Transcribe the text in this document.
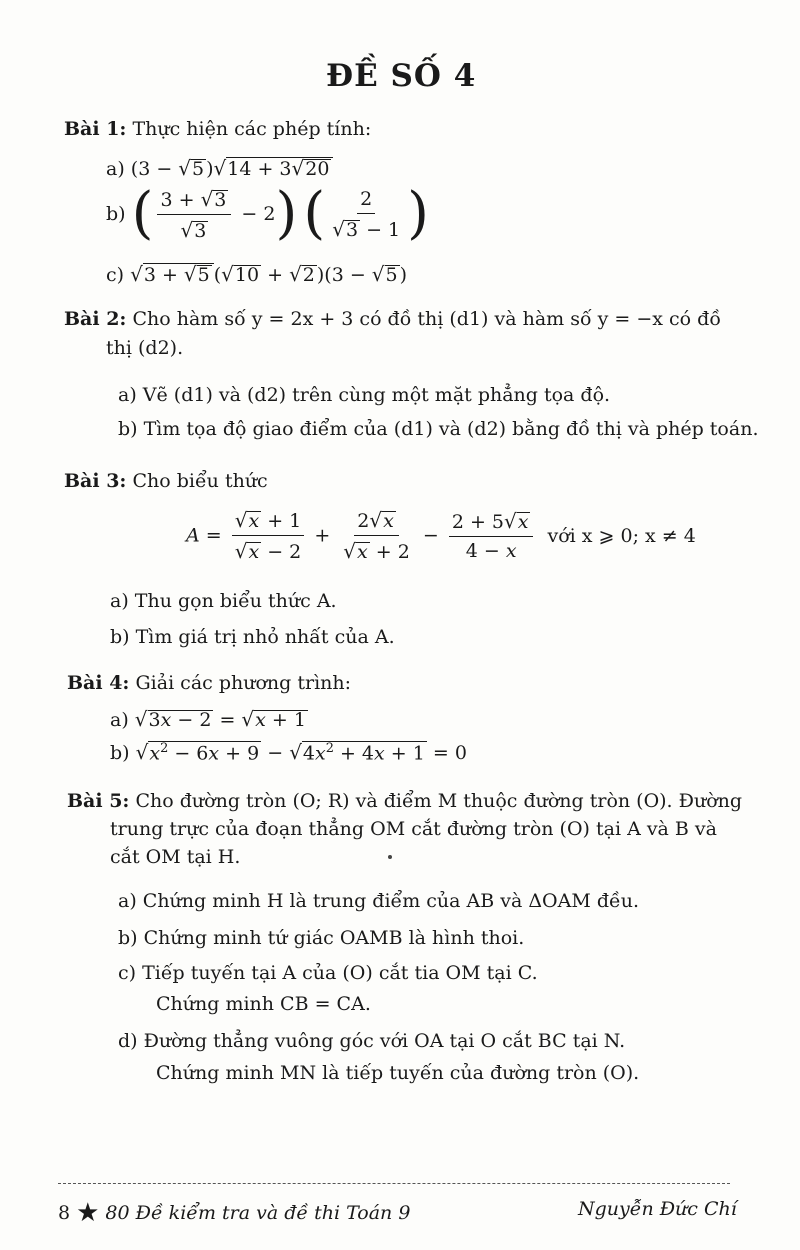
ĐỀ SỐ 4
Bài 1: Thực hiện các phép tính:
a) (3 − √5 )√14 + 3√20
b) ( $\frac{3 + √3}{√3} - 2$) ( $\frac{2}{√3 - 1}$ )
c) √3 + √5 (√10 + √2 )(3 − √5 )
Bài 2: Cho hàm số y = 2x + 3 có đồ thị (d1) và hàm số y = −x có đồ
thị (d2).
a) Vẽ (d1) và (d2) trên cùng một mặt phẳng tọa độ.
b) Tìm tọa độ giao điểm của (d1) và (d2) bằng đồ thị và phép toán.
Bài 3: Cho biểu thức
$A = \frac{√x + 1}{√x - 2} + \frac{2√x}{√x + 2} - \frac{2 + 5√x}{4 - x}$ với x ⩾ 0; x ≠ 4
a) Thu gọn biểu thức A.
b) Tìm giá trị nhỏ nhất của A.
Bài 4: Giải các phương trình:
a) √3x − 2 = √x + 1
b) $√x^2 - 6x + 9 - √4x^2 + 4x + 1 = 0$
Bài 5: Cho đường tròn (O; R) và điểm M thuộc đường tròn (O). Đường
trung trực của đoạn thẳng OM cắt đường tròn (O) tại A và B và
cắt OM tại H.
a) Chứng minh H là trung điểm của AB và ΔOAM đều.
b) Chứng minh tứ giác OAMB là hình thoi.
c) Tiếp tuyến tại A của (O) cắt tia OM tại C.
Chứng minh CB = CA.
d) Đường thẳng vuông góc với OA tại O cắt BC tại N.
Chứng minh MN là tiếp tuyến của đường tròn (O).
8 ★ 80 Đề kiểm tra và đề thi Toán 9	Nguyễn Đức Chí
